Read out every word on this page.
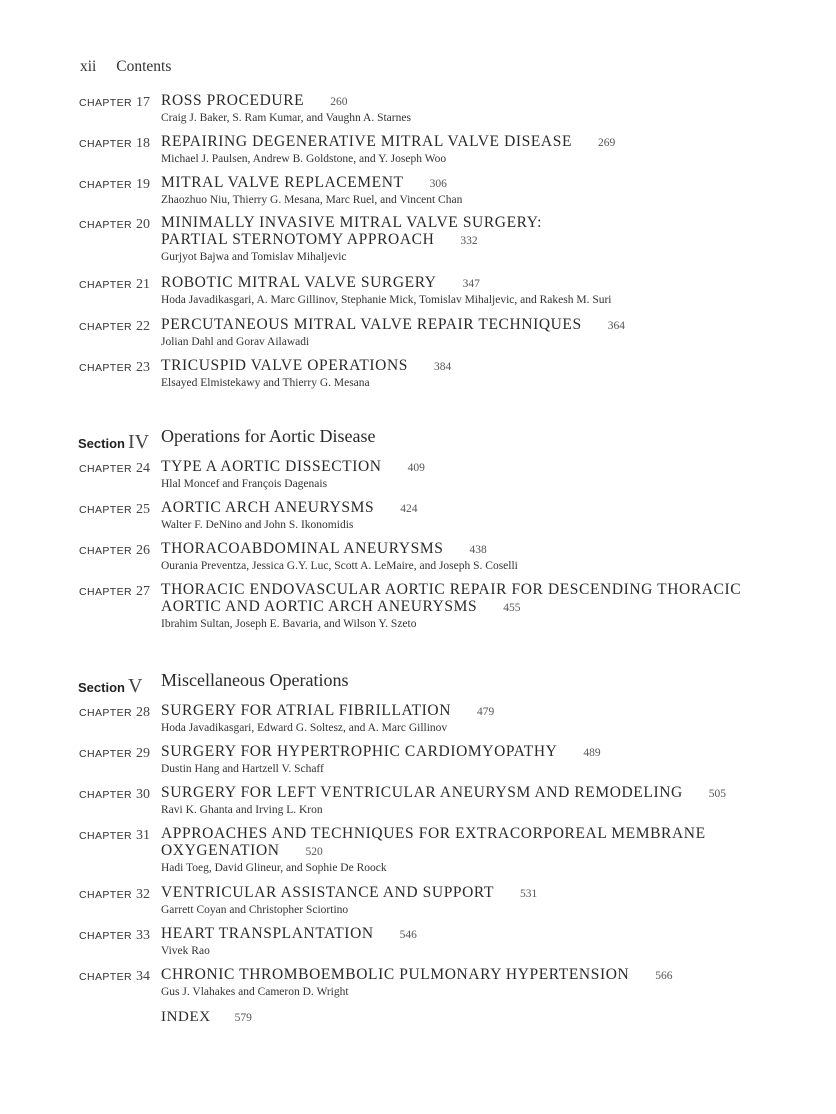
xii Contents
CHAPTER 17 ROSS PROCEDURE 260
Craig J. Baker, S. Ram Kumar, and Vaughn A. Starnes
CHAPTER 18 REPAIRING DEGENERATIVE MITRAL VALVE DISEASE 269
Michael J. Paulsen, Andrew B. Goldstone, and Y. Joseph Woo
CHAPTER 19 MITRAL VALVE REPLACEMENT 306
Zhaozhuo Niu, Thierry G. Mesana, Marc Ruel, and Vincent Chan
CHAPTER 20 MINIMALLY INVASIVE MITRAL VALVE SURGERY:
PARTIAL STERNOTOMY APPROACH 332
Gurjyot Bajwa and Tomislav Mihaljevic
CHAPTER 21 ROBOTIC MITRAL VALVE SURGERY 347
Hoda Javadikasgari, A. Marc Gillinov, Stephanie Mick, Tomislav Mihaljevic, and Rakesh M. Suri
CHAPTER 22 PERCUTANEOUS MITRAL VALVE REPAIR TECHNIQUES 364
Jolian Dahl and Gorav Ailawadi
CHAPTER 23 TRICUSPID VALVE OPERATIONS 384
Elsayed Elmistekawy and Thierry G. Mesana
Section IV Operations for Aortic Disease
CHAPTER 24 TYPE A AORTIC DISSECTION 409
Hlal Moncef and François Dagenais
CHAPTER 25 AORTIC ARCH ANEURYSMS 424
Walter F. DeNino and John S. Ikonomidis
CHAPTER 26 THORACOABDOMINAL ANEURYSMS 438
Ourania Preventza, Jessica G.Y. Luc, Scott A. LeMaire, and Joseph S. Coselli
CHAPTER 27 THORACIC ENDOVASCULAR AORTIC REPAIR FOR DESCENDING THORACIC
AORTIC AND AORTIC ARCH ANEURYSMS 455
Ibrahim Sultan, Joseph E. Bavaria, and Wilson Y. Szeto
Section V Miscellaneous Operations
CHAPTER 28 SURGERY FOR ATRIAL FIBRILLATION 479
Hoda Javadikasgari, Edward G. Soltesz, and A. Marc Gillinov
CHAPTER 29 SURGERY FOR HYPERTROPHIC CARDIOMYOPATHY 489
Dustin Hang and Hartzell V. Schaff
CHAPTER 30 SURGERY FOR LEFT VENTRICULAR ANEURYSM AND REMODELING 505
Ravi K. Ghanta and Irving L. Kron
CHAPTER 31 APPROACHES AND TECHNIQUES FOR EXTRACORPOREAL MEMBRANE
OXYGENATION 520
Hadi Toeg, David Glineur, and Sophie De Roock
CHAPTER 32 VENTRICULAR ASSISTANCE AND SUPPORT 531
Garrett Coyan and Christopher Sciortino
CHAPTER 33 HEART TRANSPLANTATION 546
Vivek Rao
CHAPTER 34 CHRONIC THROMBOEMBOLIC PULMONARY HYPERTENSION 566
Gus J. Vlahakes and Cameron D. Wright
INDEX 579
